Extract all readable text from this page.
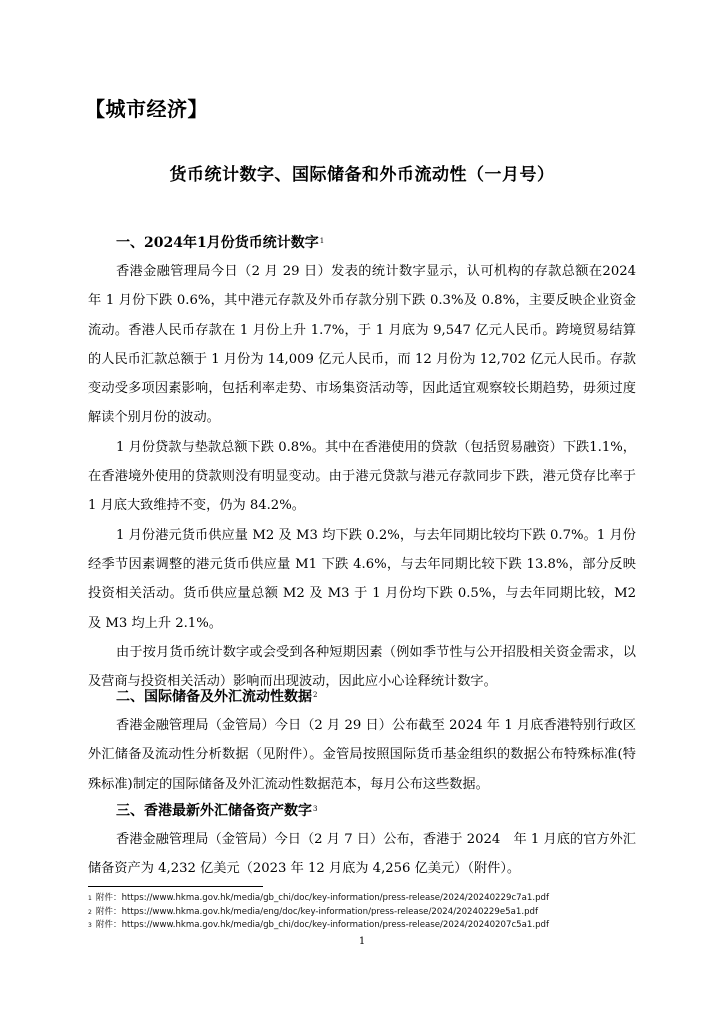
【城市经济】
货币统计数字、国际储备和外币流动性（一月号）
一、2024年1月份货币统计数字$^1$

香港金融管理局今日（2 月 29 日）发表的统计数字显示，认可机构的存款总额在2024 年 1 月份下跌 0.6%，其中港元存款及外币存款分别下跌 0.3%及 0.8%，主要反映企业资金流动。香港人民币存款在 1 月份上升 1.7%，于 1 月底为 9,547 亿元人民币。跨境贸易结算的人民币汇款总额于 1 月份为 14,009 亿元人民币，而 12 月份为 12,702 亿元人民币。存款变动受多项因素影响，包括利率走势、市场集资活动等，因此适宜观察较长期趋势，毋须过度解读个别月份的波动。

1 月份贷款与垫款总额下跌 0.8%。其中在香港使用的贷款（包括贸易融资）下跌1.1%，在香港境外使用的贷款则没有明显变动。由于港元贷款与港元存款同步下跌，港元贷存比率于 1 月底大致维持不变，仍为 84.2%。

1 月份港元货币供应量 M2 及 M3 均下跌 0.2%，与去年同期比较均下跌 0.7%。1 月份经季节因素调整的港元货币供应量 M1 下跌 4.6%，与去年同期比较下跌 13.8%，部分反映投资相关活动。货币供应量总额 M2 及 M3 于 1 月份均下跌 0.5%，与去年同期比较，M2 及 M3 均上升 2.1%。

由于按月货币统计数字或会受到各种短期因素（例如季节性与公开招股相关资金需求，以及营商与投资相关活动）影响而出现波动，因此应小心诠释统计数字。

二、国际储备及外汇流动性数据$^2$

香港金融管理局（金管局）今日（2 月 29 日）公布截至 2024 年 1 月底香港特别行政区外汇储备及流动性分析数据（见附件）。金管局按照国际货币基金组织的数据公布特殊标准(特殊标准)制定的国际储备及外汇流动性数据范本，每月公布这些数据。

三、香港最新外汇储备资产数字$^3$

香港金融管理局（金管局）今日（2 月 7 日）公布，香港于 2024　年 1 月底的官方外汇储备资产为 4,232 亿美元（2023 年 12 月底为 4,256 亿美元）（附件）。

$^1$ 附件：https://www.hkma.gov.hk/media/gb_chi/doc/key-information/press-release/2024/20240229c7a1.pdf
$^2$ 附件：https://www.hkma.gov.hk/media/eng/doc/key-information/press-release/2024/20240229e5a1.pdf
$^3$ 附件：https://www.hkma.gov.hk/media/gb_chi/doc/key-information/press-release/2024/20240207c5a1.pdf
1
